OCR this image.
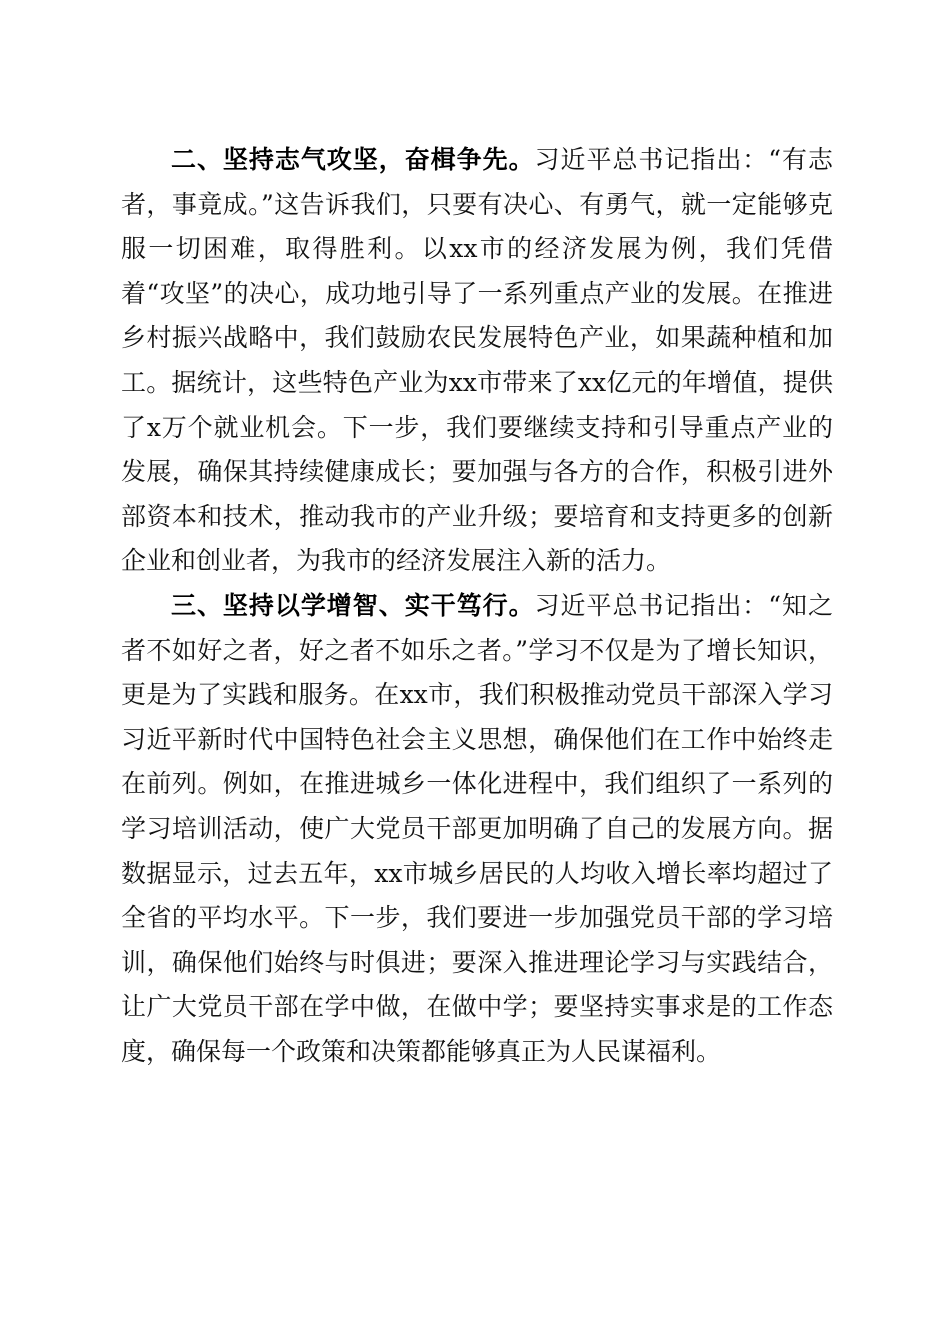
二、坚持志气攻坚，奋楫争先。习近平总书记指出：“有志者，事竟成。”这告诉我们，只要有决心、有勇气，就一定能够克服一切困难，取得胜利。以xx市的经济发展为例，我们凭借着“攻坚”的决心，成功地引导了一系列重点产业的发展。在推进乡村振兴战略中，我们鼓励农民发展特色产业，如果蔬种植和加工。据统计，这些特色产业为xx市带来了xx亿元的年增值，提供了x万个就业机会。下一步，我们要继续支持和引导重点产业的发展，确保其持续健康成长；要加强与各方的合作，积极引进外部资本和技术，推动我市的产业升级；要培育和支持更多的创新企业和创业者，为我市的经济发展注入新的活力。

三、坚持以学增智、实干笃行。习近平总书记指出：“知之者不如好之者，好之者不如乐之者。”学习不仅是为了增长知识，更是为了实践和服务。在xx市，我们积极推动党员干部深入学习习近平新时代中国特色社会主义思想，确保他们在工作中始终走在前列。例如，在推进城乡一体化进程中，我们组织了一系列的学习培训活动，使广大党员干部更加明确了自己的发展方向。据数据显示，过去五年，xx市城乡居民的人均收入增长率均超过了全省的平均水平。下一步，我们要进一步加强党员干部的学习培训，确保他们始终与时俱进；要深入推进理论学习与实践结合，让广大党员干部在学中做，在做中学；要坚持实事求是的工作态度，确保每一个政策和决策都能够真正为人民谋福利。
